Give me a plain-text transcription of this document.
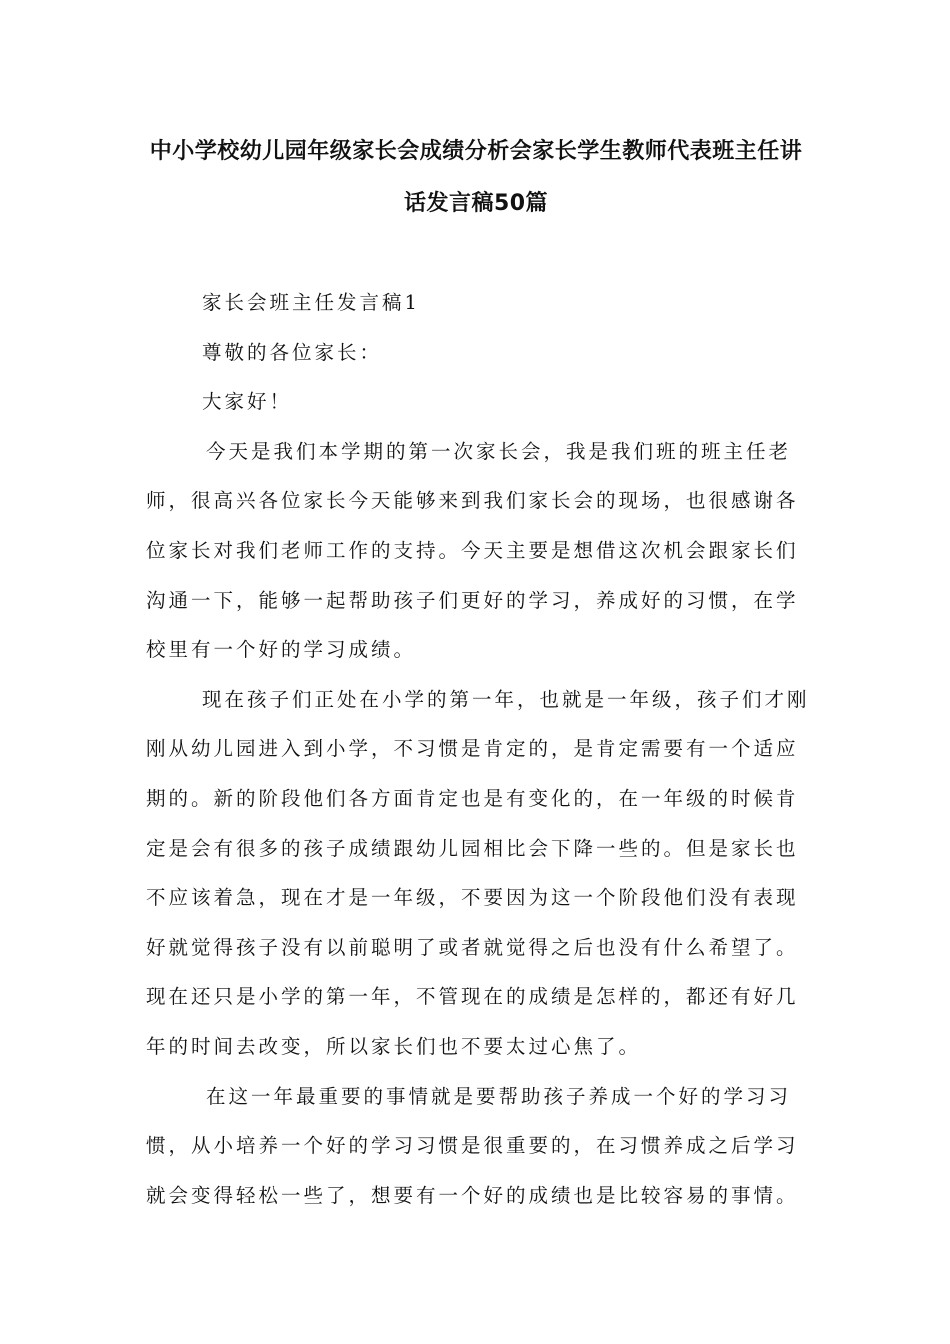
中小学校幼儿园年级家长会成绩分析会家长学生教师代表班主任讲
话发言稿50篇

家长会班主任发言稿1

尊敬的各位家长：

大家好！

今天是我们本学期的第一次家长会，我是我们班的班主任老
师，很高兴各位家长今天能够来到我们家长会的现场，也很感谢各
位家长对我们老师工作的支持。今天主要是想借这次机会跟家长们
沟通一下，能够一起帮助孩子们更好的学习，养成好的习惯，在学
校里有一个好的学习成绩。
现在孩子们正处在小学的第一年，也就是一年级，孩子们才刚
刚从幼儿园进入到小学，不习惯是肯定的，是肯定需要有一个适应
期的。新的阶段他们各方面肯定也是有变化的，在一年级的时候肯
定是会有很多的孩子成绩跟幼儿园相比会下降一些的。但是家长也
不应该着急，现在才是一年级，不要因为这一个阶段他们没有表现
好就觉得孩子没有以前聪明了或者就觉得之后也没有什么希望了。
现在还只是小学的第一年，不管现在的成绩是怎样的，都还有好几
年的时间去改变，所以家长们也不要太过心焦了。
在这一年最重要的事情就是要帮助孩子养成一个好的学习习
惯，从小培养一个好的学习习惯是很重要的，在习惯养成之后学习
就会变得轻松一些了，想要有一个好的成绩也是比较容易的事情。
